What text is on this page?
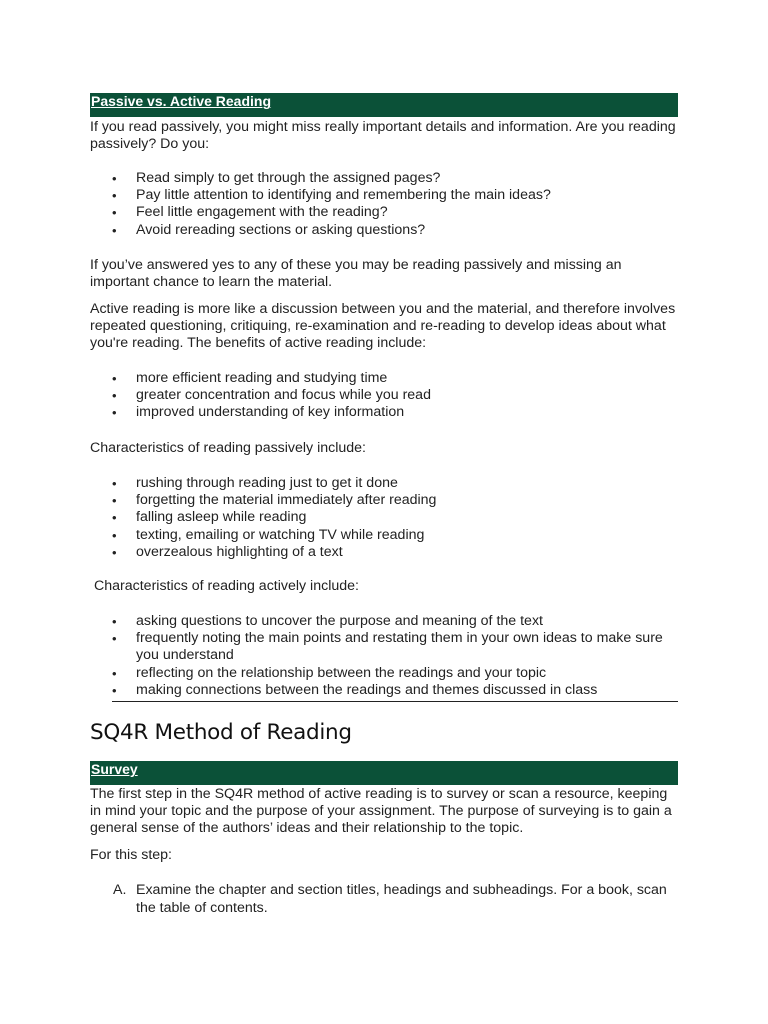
Passive vs. Active Reading

If you read passively, you might miss really important details and information. Are you reading passively? Do you:

• Read simply to get through the assigned pages?
• Pay little attention to identifying and remembering the main ideas?
• Feel little engagement with the reading?
• Avoid rereading sections or asking questions?

If you’ve answered yes to any of these you may be reading passively and missing an important chance to learn the material.

Active reading is more like a discussion between you and the material, and therefore involves repeated questioning, critiquing, re-examination and re-reading to develop ideas about what you're reading. The benefits of active reading include:

• more efficient reading and studying time
• greater concentration and focus while you read
• improved understanding of key information

Characteristics of reading passively include:

• rushing through reading just to get it done
• forgetting the material immediately after reading
• falling asleep while reading
• texting, emailing or watching TV while reading
• overzealous highlighting of a text

Characteristics of reading actively include:

• asking questions to uncover the purpose and meaning of the text
• frequently noting the main points and restating them in your own ideas to make sure you understand
• reflecting on the relationship between the readings and your topic
• making connections between the readings and themes discussed in class
SQ4R Method of Reading
Survey

The first step in the SQ4R method of active reading is to survey or scan a resource, keeping in mind your topic and the purpose of your assignment. The purpose of surveying is to gain a general sense of the authors’ ideas and their relationship to the topic.

For this step:

A. Examine the chapter and section titles, headings and subheadings. For a book, scan the table of contents.
